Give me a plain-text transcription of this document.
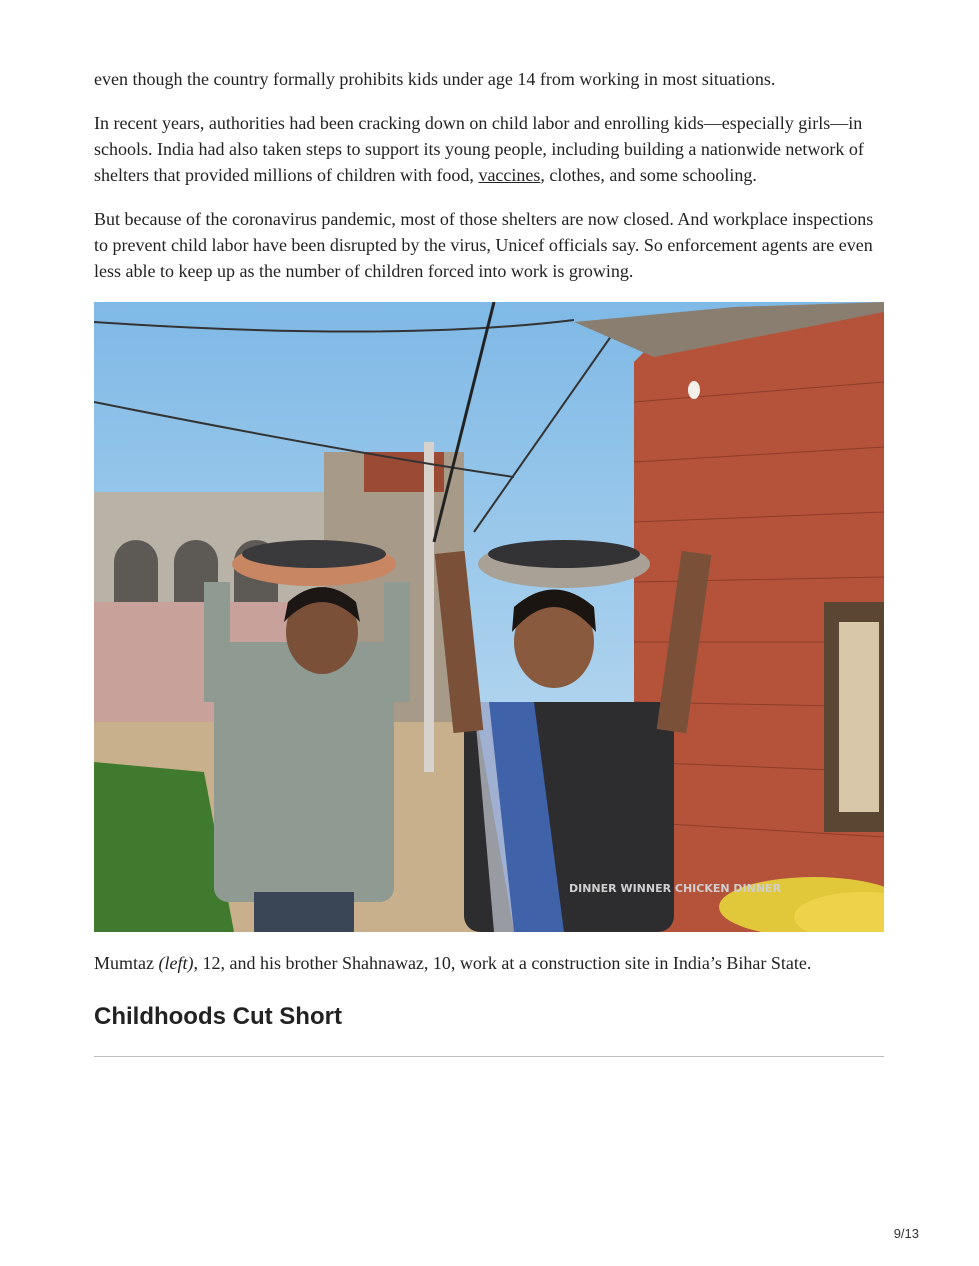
even though the country formally prohibits kids under age 14 from working in most situations.

In recent years, authorities had been cracking down on child labor and enrolling kids—especially girls—in schools. India had also taken steps to support its young people, including building a nationwide network of shelters that provided millions of children with food, vaccines, clothes, and some schooling.

But because of the coronavirus pandemic, most of those shelters are now closed. And workplace inspections to prevent child labor have been disrupted by the virus, Unicef officials say. So enforcement agents are even less able to keep up as the number of children forced into work is growing.

DINNER WINNER CHICKEN DINNER

Mumtaz (left), 12, and his brother Shahnawaz, 10, work at a construction site in India’s Bihar State.

Childhoods Cut Short
9/13
